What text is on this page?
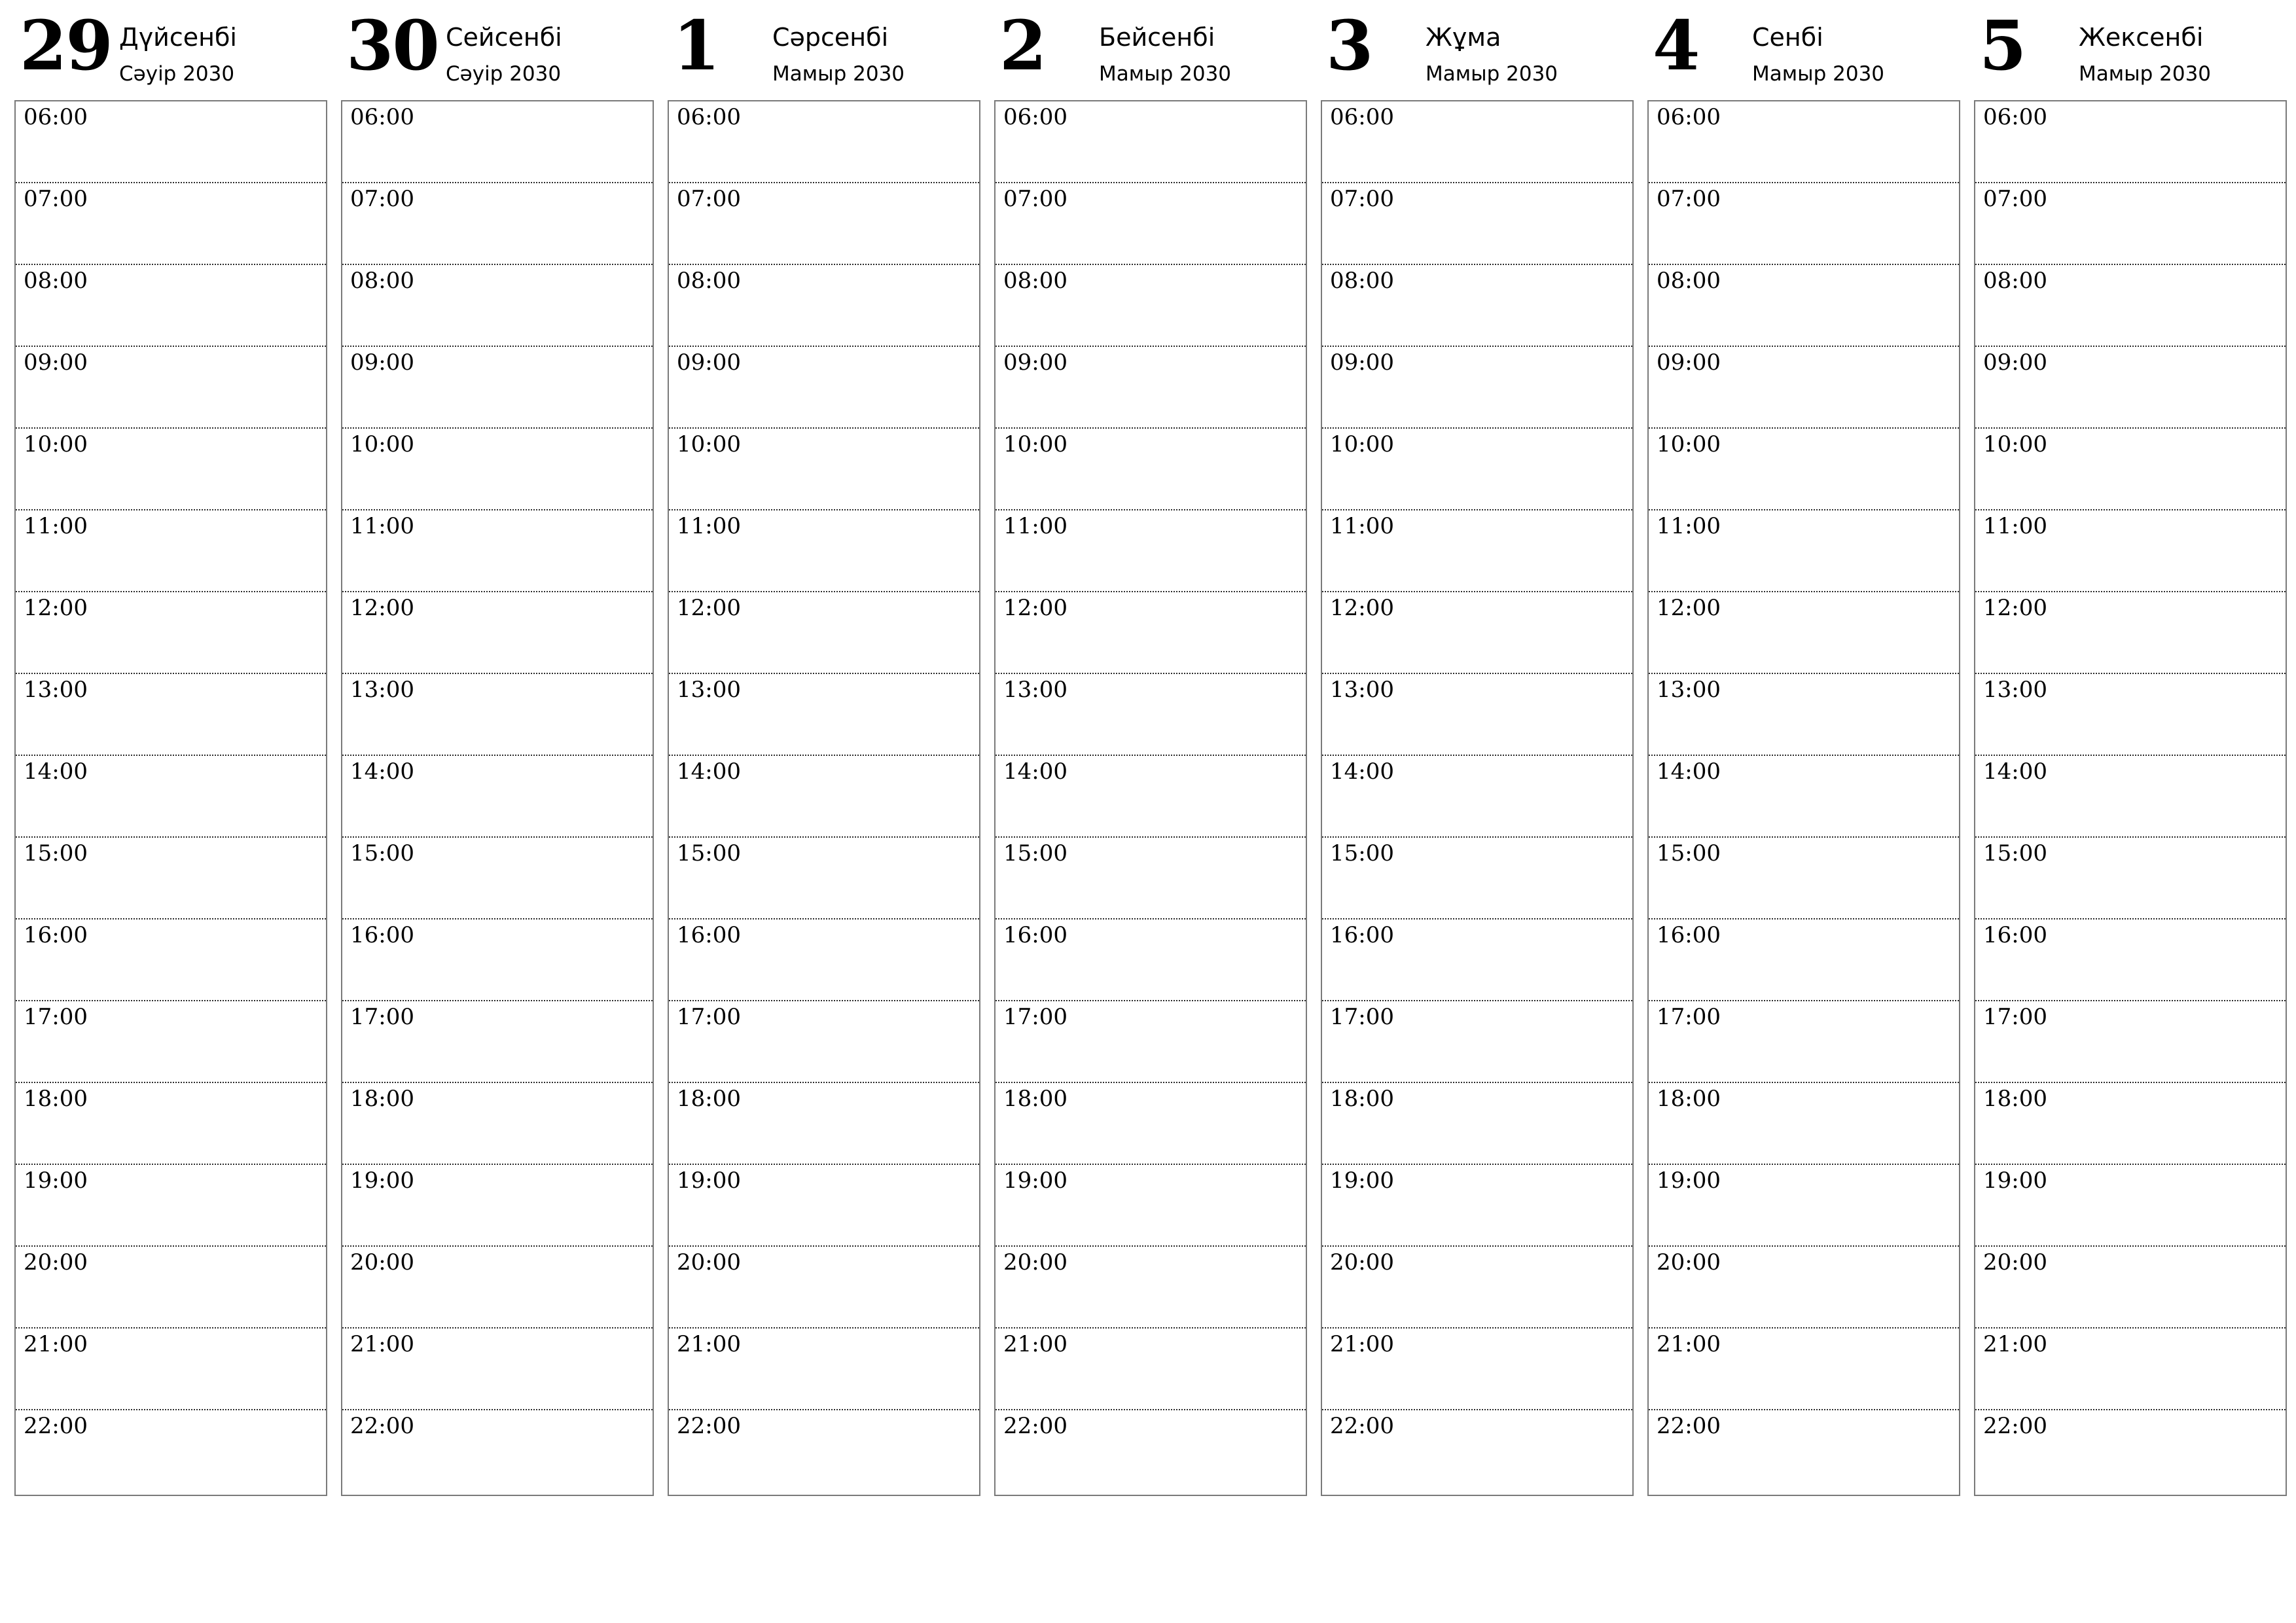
29 Дүйсенбі
Сәуір 2030
06:00
07:00
08:00
09:00
10:00
11:00
12:00
13:00
14:00
15:00
16:00
17:00
18:00
19:00
20:00
21:00
22:00
30 Сейсенбі
Сәуір 2030
06:00
07:00
08:00
09:00
10:00
11:00
12:00
13:00
14:00
15:00
16:00
17:00
18:00
19:00
20:00
21:00
22:00
1 Сәрсенбі
Мамыр 2030
06:00
07:00
08:00
09:00
10:00
11:00
12:00
13:00
14:00
15:00
16:00
17:00
18:00
19:00
20:00
21:00
22:00
2 Бейсенбі
Мамыр 2030
06:00
07:00
08:00
09:00
10:00
11:00
12:00
13:00
14:00
15:00
16:00
17:00
18:00
19:00
20:00
21:00
22:00
3 Жұма
Мамыр 2030
06:00
07:00
08:00
09:00
10:00
11:00
12:00
13:00
14:00
15:00
16:00
17:00
18:00
19:00
20:00
21:00
22:00
4 Сенбі
Мамыр 2030
06:00
07:00
08:00
09:00
10:00
11:00
12:00
13:00
14:00
15:00
16:00
17:00
18:00
19:00
20:00
21:00
22:00
5 Жексенбі
Мамыр 2030
06:00
07:00
08:00
09:00
10:00
11:00
12:00
13:00
14:00
15:00
16:00
17:00
18:00
19:00
20:00
21:00
22:00
